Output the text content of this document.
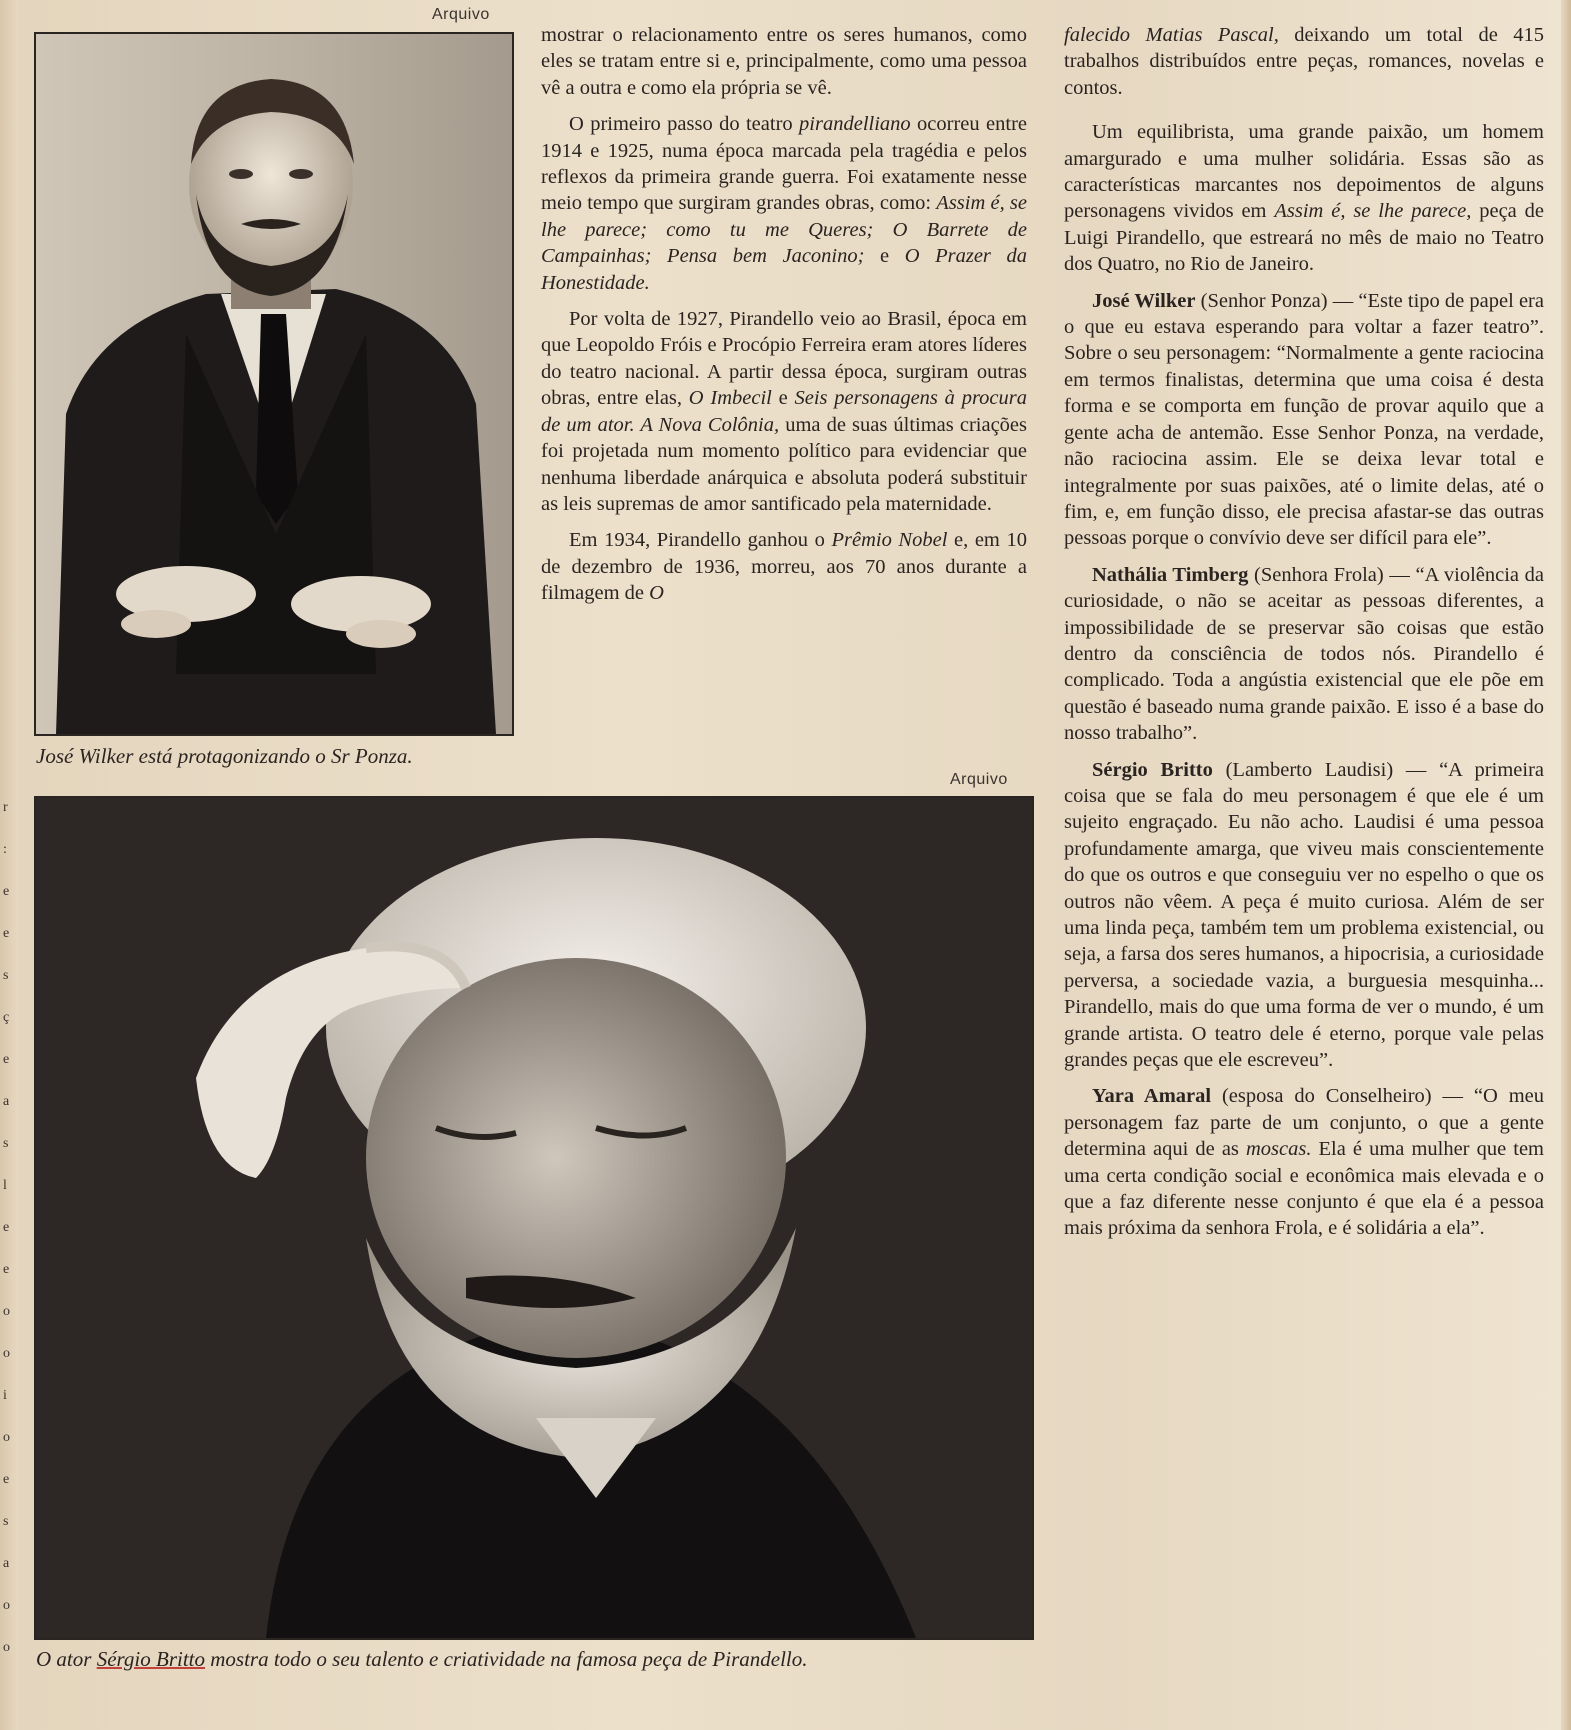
Arquivo
José Wilker está protagonizando o Sr Ponza.
Arquivo
O ator Sérgio Britto mostra todo o seu talento e criatividade na famosa peça de Pirandello.

mostrar o relacionamento entre os seres humanos, como eles se tratam entre si e, principalmente, como uma pessoa vê a outra e como ela própria se vê.

O primeiro passo do teatro pirandelliano ocorreu entre 1914 e 1925, numa época marcada pela tragédia e pelos reflexos da primeira grande guerra. Foi exatamente nesse meio tempo que surgiram grandes obras, como: Assim é, se lhe parece; como tu me Queres; O Barrete de Campainhas; Pensa bem Jaconino; e O Prazer da Honestidade.

Por volta de 1927, Pirandello veio ao Brasil, época em que Leopoldo Fróis e Procópio Ferreira eram atores líderes do teatro nacional. A partir dessa época, surgiram outras obras, entre elas, O Imbecil e Seis personagens à procura de um ator. A Nova Colônia, uma de suas últimas criações foi projetada num momento político para evidenciar que nenhuma liberdade anárquica e absoluta poderá substituir as leis supremas de amor santificado pela maternidade.

Em 1934, Pirandello ganhou o Prêmio Nobel e, em 10 de dezembro de 1936, morreu, aos 70 anos durante a filmagem de O

falecido Matias Pascal, deixando um total de 415 trabalhos distribuídos entre peças, romances, novelas e contos.

Um equilibrista, uma grande paixão, um homem amargurado e uma mulher solidária. Essas são as características marcantes nos depoimentos de alguns personagens vividos em Assim é, se lhe parece, peça de Luigi Pirandello, que estreará no mês de maio no Teatro dos Quatro, no Rio de Janeiro.

José Wilker (Senhor Ponza) — “Este tipo de papel era o que eu estava esperando para voltar a fazer teatro”. Sobre o seu personagem: “Normalmente a gente raciocina em termos finalistas, determina que uma coisa é desta forma e se comporta em função de provar aquilo que a gente acha de antemão. Esse Senhor Ponza, na verdade, não raciocina assim. Ele se deixa levar total e integralmente por suas paixões, até o limite delas, até o fim, e, em função disso, ele precisa afastar-se das outras pessoas porque o convívio deve ser difícil para ele”.

Nathália Timberg (Senhora Frola) — “A violência da curiosidade, o não se aceitar as pessoas diferentes, a impossibilidade de se preservar são coisas que estão dentro da consciência de todos nós. Pirandello é complicado. Toda a angústia existencial que ele põe em questão é baseado numa grande paixão. E isso é a base do nosso trabalho”.

Sérgio Britto (Lamberto Laudisi) — “A primeira coisa que se fala do meu personagem é que ele é um sujeito engraçado. Eu não acho. Laudisi é uma pessoa profundamente amarga, que viveu mais conscientemente do que os outros e que conseguiu ver no espelho o que os outros não vêem. A peça é muito curiosa. Além de ser uma linda peça, também tem um problema existencial, ou seja, a farsa dos seres humanos, a hipocrisia, a curiosidade perversa, a sociedade vazia, a burguesia mesquinha... Pirandello, mais do que uma forma de ver o mundo, é um grande artista. O teatro dele é eterno, porque vale pelas grandes peças que ele escreveu”.

Yara Amaral (esposa do Conselheiro) — “O meu personagem faz parte de um conjunto, o que a gente determina aqui de as moscas. Ela é uma mulher que tem uma certa condição social e econômica mais elevada e o que a faz diferente nesse conjunto é que ela é a pessoa mais próxima da senhora Frola, e é solidária a ela”.

r
:
e
e
s
ç
e
a
s
l
e
e
o
o
i
o
e
s
a
o
o
